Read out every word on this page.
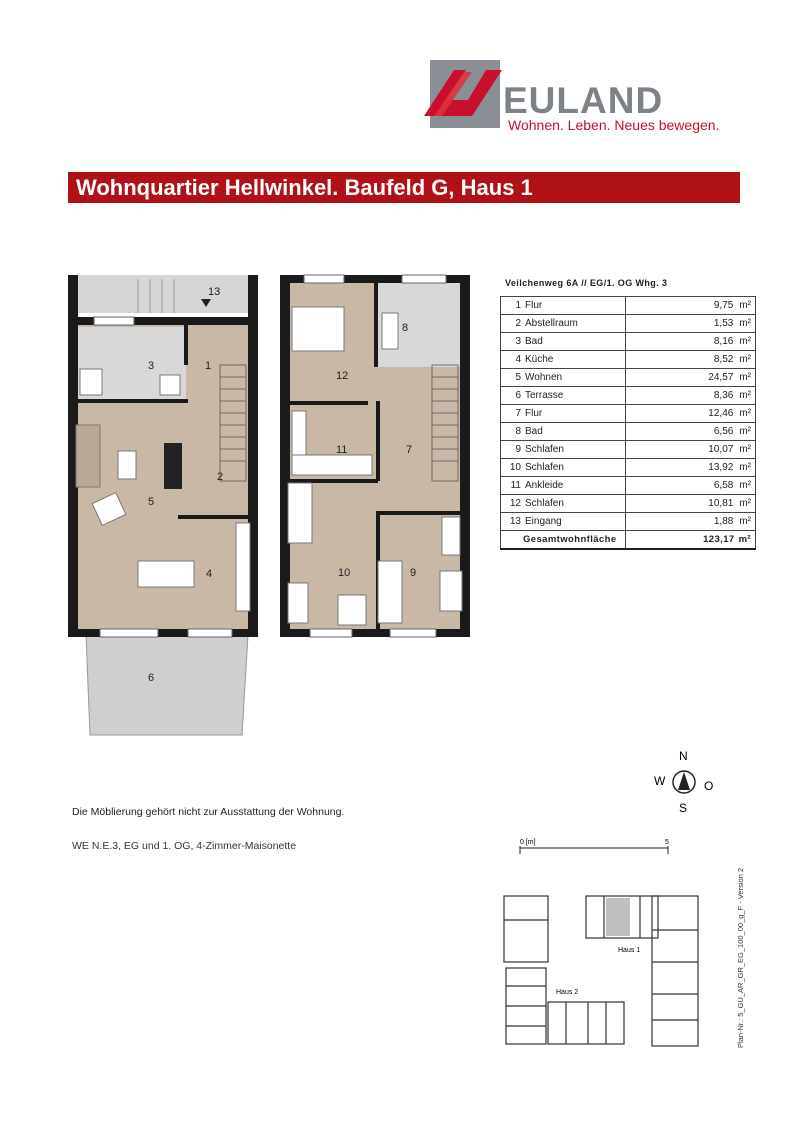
EULAND
Wohnen. Leben. Neues bewegen.
Wohnquartier Hellwinkel. Baufeld G, Haus 1
13
1
3
2
5
4
6
8
12
11	7
10	9
Veilchenweg 6A // EG/1. OG Whg. 3
1 Flur	9,75 m²
2 Abstellraum	1,53 m²
3 Bad	8,16 m²
4 Küche	8,52 m²
5 Wohnen	24,57 m²
6 Terrasse	8,36 m²
7 Flur	12,46 m²
8 Bad	6,56 m²
9 Schlafen	10,07 m²
10 Schlafen	13,92 m²
11 Ankleide	6,58 m²
12 Schlafen	10,81 m²
13 Eingang	1,88 m²
Gesamtwohnfläche	123,17 m²
N
W	O
S
Die Möblierung gehört nicht zur Ausstattung der Wohnung.
WE N.E.3, EG und 1. OG, 4-Zimmer-Maisonette	0 [m]	5
Haus 1
Haus 2	Plan-Nr.: 5_GU_AR_GR_EG_100_00_g_F - Version 2
